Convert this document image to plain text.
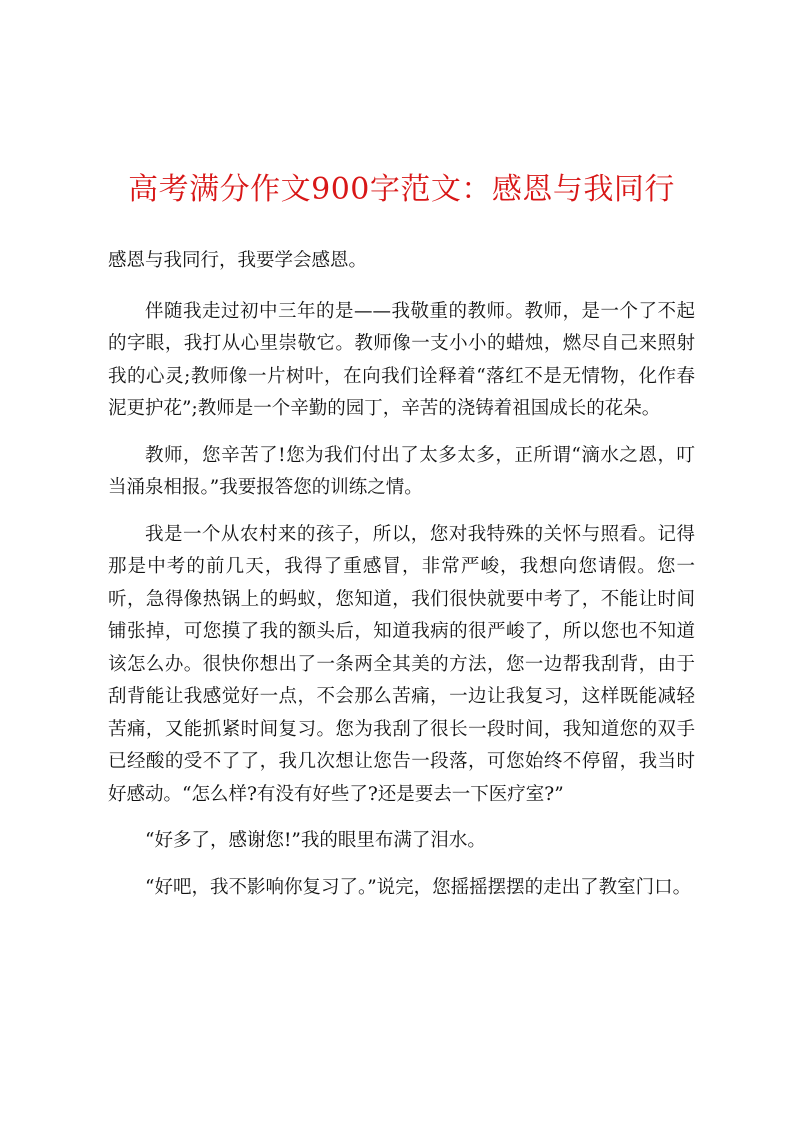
高考满分作文900字范文：感恩与我同行

感恩与我同行，我要学会感恩。

伴随我走过初中三年的是——我敬重的教师。教师，是一个了不起的字眼，我打从心里崇敬它。教师像一支小小的蜡烛，燃尽自己来照射我的心灵;教师像一片树叶，在向我们诠释着“落红不是无情物，化作春泥更护花”;教师是一个辛勤的园丁，辛苦的浇铸着祖国成长的花朵。

教师，您辛苦了!您为我们付出了太多太多，正所谓“滴水之恩，叮当涌泉相报。”我要报答您的训练之情。

我是一个从农村来的孩子，所以，您对我特殊的关怀与照看。记得那是中考的前几天，我得了重感冒，非常严峻，我想向您请假。您一听，急得像热锅上的蚂蚁，您知道，我们很快就要中考了，不能让时间铺张掉，可您摸了我的额头后，知道我病的很严峻了，所以您也不知道该怎么办。很快你想出了一条两全其美的方法，您一边帮我刮背，由于刮背能让我感觉好一点，不会那么苦痛，一边让我复习，这样既能减轻苦痛，又能抓紧时间复习。您为我刮了很长一段时间，我知道您的双手已经酸的受不了了，我几次想让您告一段落，可您始终不停留，我当时好感动。“怎么样?有没有好些了?还是要去一下医疗室?”

“好多了，感谢您!”我的眼里布满了泪水。

“好吧，我不影响你复习了。”说完，您摇摇摆摆的走出了教室门口。
